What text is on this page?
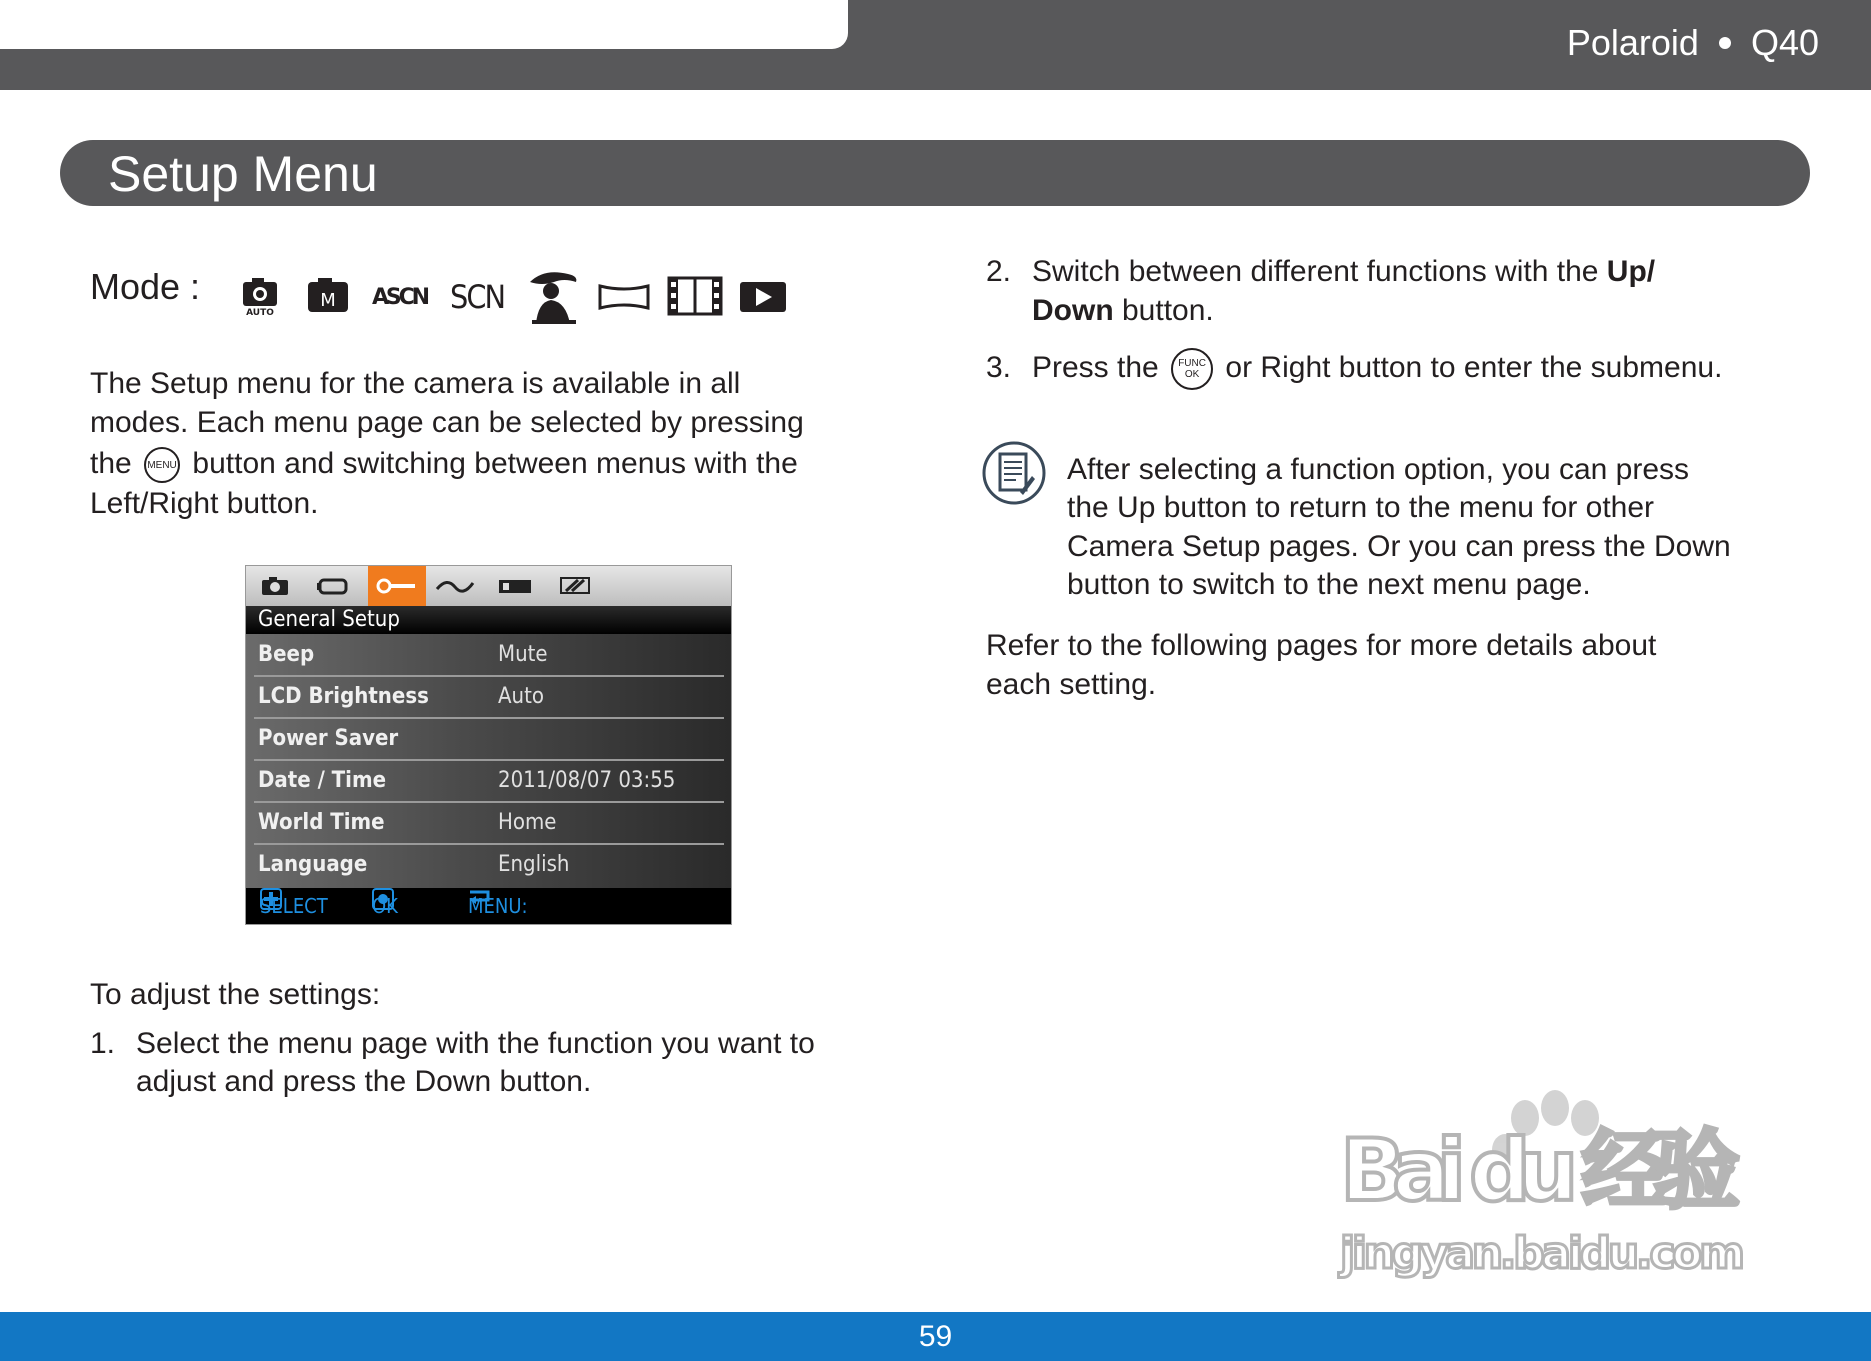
Polaroid Q40
Setup Menu
Mode :
AUTO
M ASCN SCN

The Setup menu for the camera is available in all

modes. Each menu page can be selected by pressing

the MENU button and switching between menus with the

Left/Right button.

General Setup
Beep	Mute
LCD Brightness	Auto
Power Saver
Date / Time	2011/08/07 03:55
World Time	Home
Language	English
SELECT OK	MENU:

To adjust the settings:

1. Select the menu page with the function you want to
adjust and press the Down button.
2. Switch between different functions with the Up/
Down button.
3. Press the FUNC
OK or Right button to enter the submenu.

After selecting a function option, you can press

the Up button to return to the menu for other

Camera Setup pages. Or you can press the Down

button to switch to the next menu page.

Refer to the following pages for more details about

each setting.

Bai du 经验
jingyan.baidu.com
59
